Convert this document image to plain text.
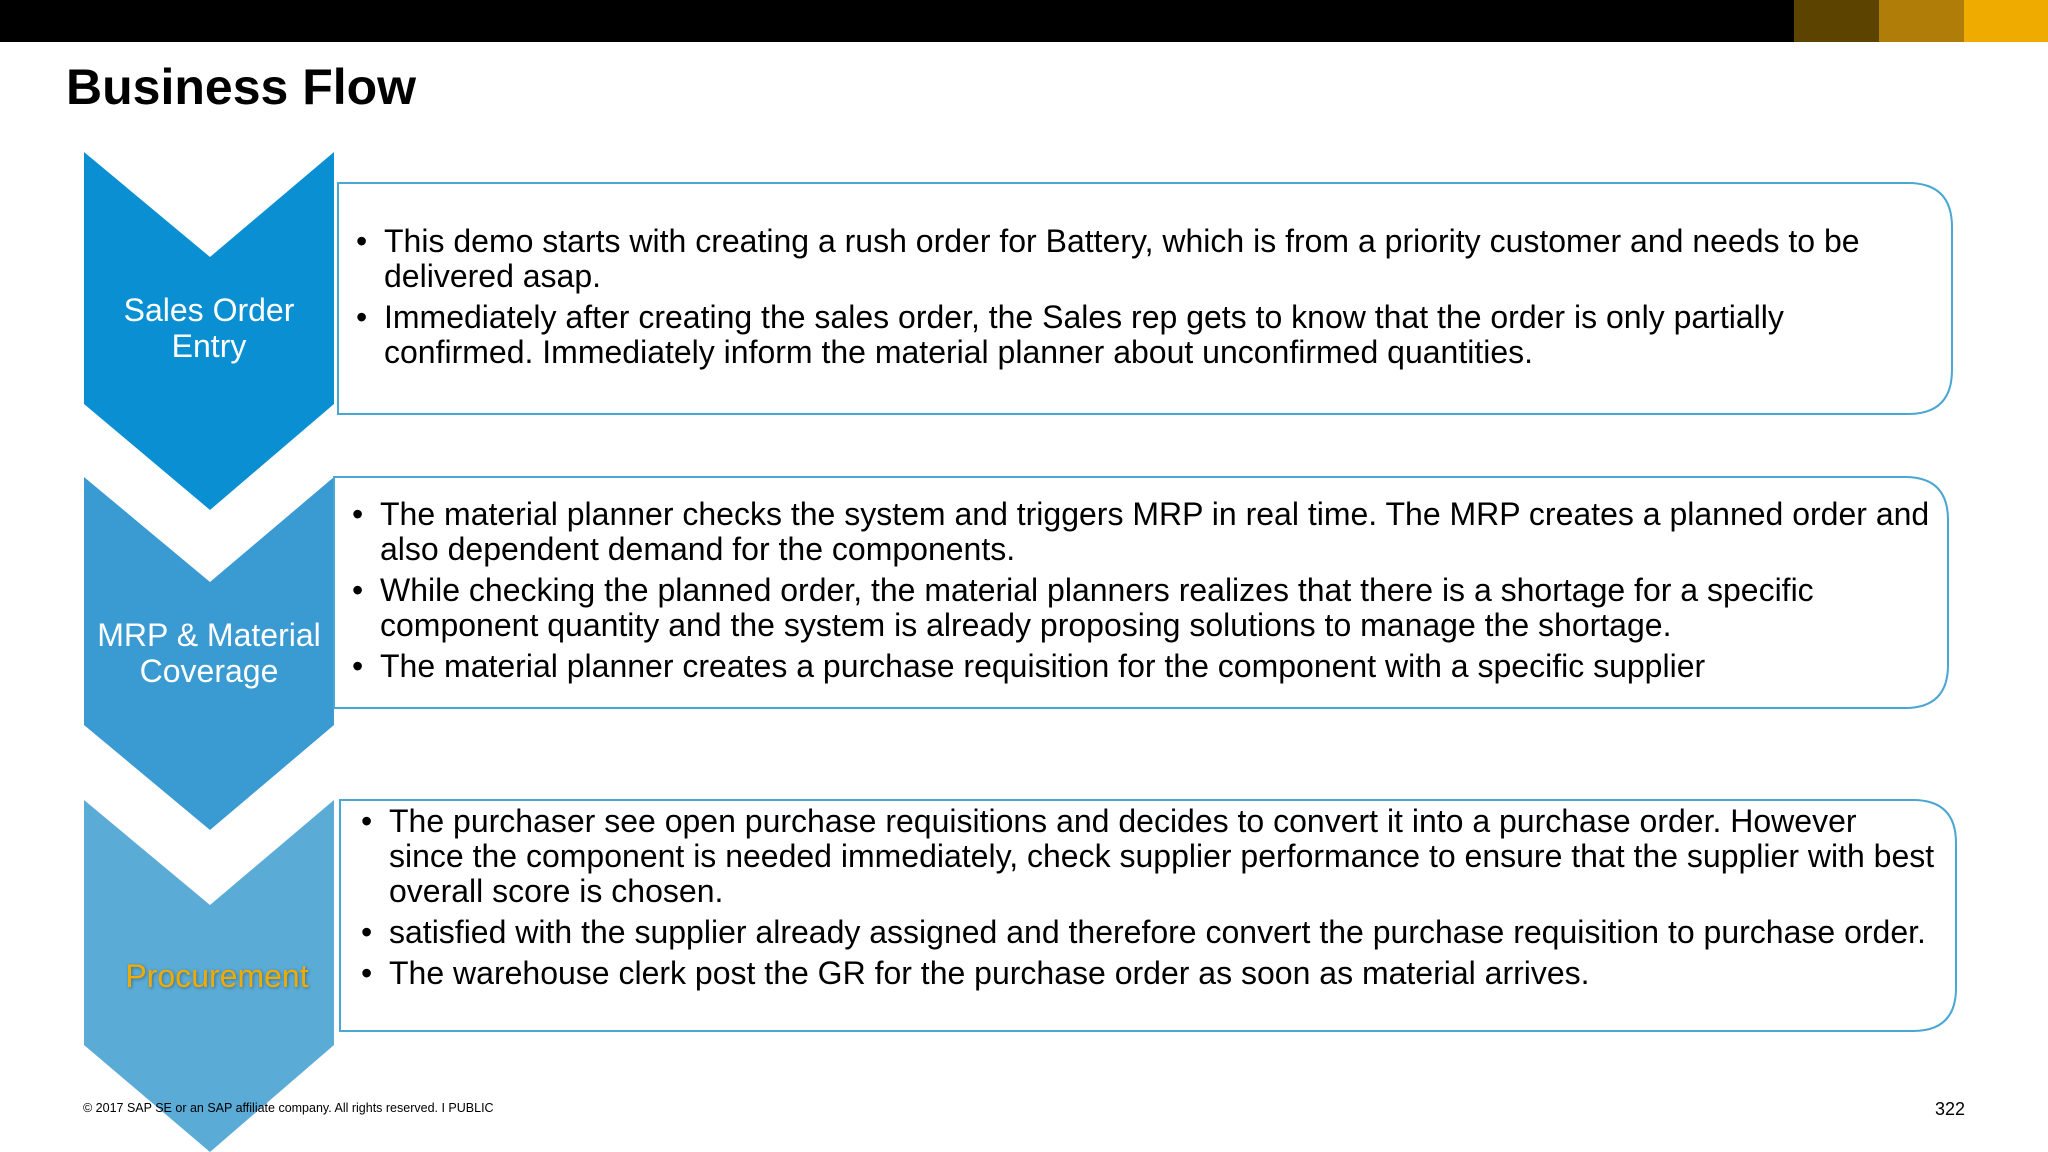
Business Flow
Sales Order Entry
MRP & Material Coverage
Procurement
• This demo starts with creating a rush order for Battery, which is from a priority customer and needs to be delivered asap.
• Immediately after creating the sales order, the Sales rep gets to know that the order is only partially confirmed. Immediately inform the material planner about unconfirmed quantities.
• The material planner checks the system and triggers MRP in real time. The MRP creates a planned order and also dependent demand for the components.
• While checking the planned order, the material planners realizes that there is a shortage for a specific component quantity and the system is already proposing solutions to manage the shortage.
• The material planner creates a purchase requisition for the component with a specific supplier
• The purchaser see open purchase requisitions and decides to convert it into a purchase order. However since the component is needed immediately, check supplier performance to ensure that the supplier with best overall score is chosen.
• satisfied with the supplier already assigned and therefore convert the purchase requisition to purchase order.
• The warehouse clerk post the GR for the purchase order as soon as material arrives.
© 2017 SAP SE or an SAP affiliate company. All rights reserved. I PUBLIC	322
